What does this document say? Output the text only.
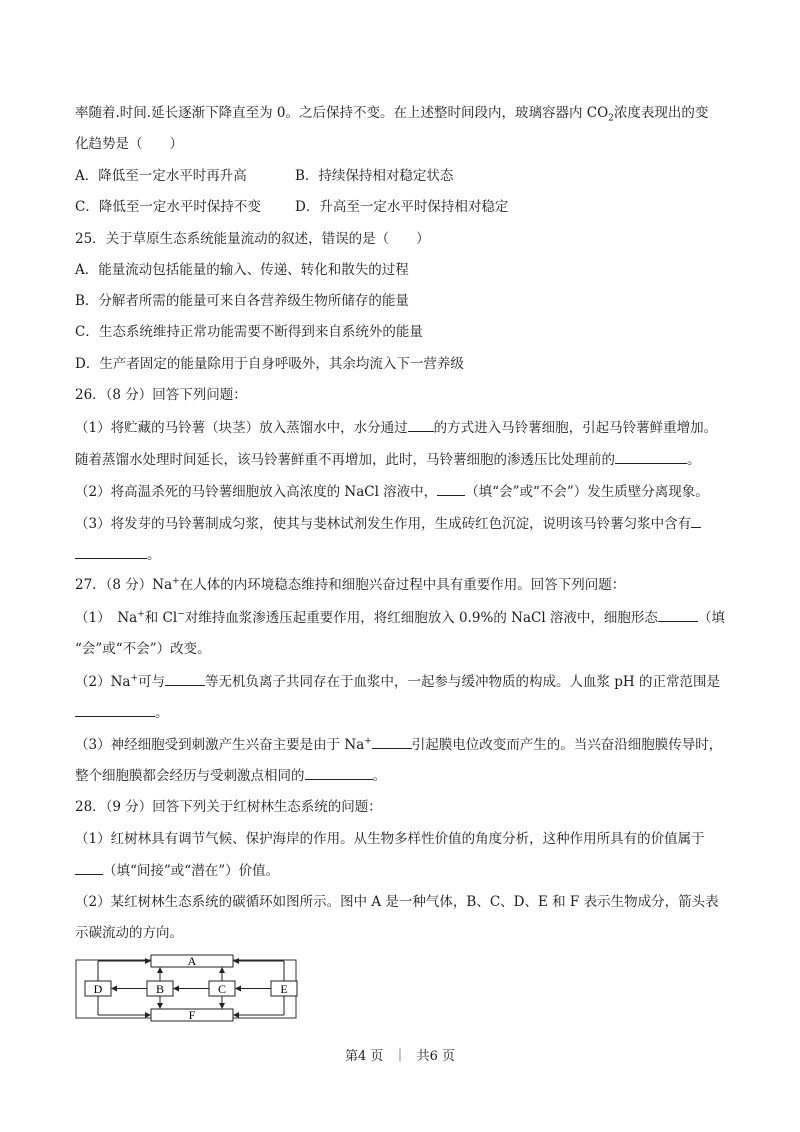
率随着.时间.延长逐渐下降直至为 0。之后保持不变。在上述整时间段内，玻璃容器内 $CO_2$浓度表现出的变
化趋势是（　　）
A．降低至一定水平时再升高	B．持续保持相对稳定状态
C．降低至一定水平时保持不变	D．升高至一定水平时保持相对稳定
25．关于草原生态系统能量流动的叙述，错误的是（　　）
A．能量流动包括能量的输入、传递、转化和散失的过程
B．分解者所需的能量可来自各营养级生物所储存的能量
C．生态系统维持正常功能需要不断得到来自系统外的能量
D．生产者固定的能量除用于自身呼吸外，其余均流入下一营养级
26．（8 分）回答下列问题：
（1）将贮藏的马铃薯（块茎）放入蒸馏水中，水分通过 的方式进入马铃薯细胞，引起马铃薯鲜重增加。
随着蒸馏水处理时间延长，该马铃薯鲜重不再增加，此时，马铃薯细胞的渗透压比处理前的	。
（2）将高温杀死的马铃薯细胞放入高浓度的 NaCl 溶液中， （填“会”或“不会”）发生质壁分离现象。
（3）将发芽的马铃薯制成匀浆，使其与斐林试剂发生作用，生成砖红色沉淀，说明该马铃薯匀浆中含有
。
27．（8 分）Na+在人体的内环境稳态维持和细胞兴奋过程中具有重要作用。回答下列问题：
（1）　Na+和 Cl−对维持血浆渗透压起重要作用，将红细胞放入 0.9%的 NaCl 溶液中，细胞形态	（填
“会”或“不会”）改变。
（2）Na+可与	等无机负离子共同存在于血浆中，一起参与缓冲物质的构成。人血浆 pH 的正常范围是
。
（3）神经细胞受到刺激产生兴奋主要是由于 Na+	引起膜电位改变而产生的。当兴奋沿细胞膜传导时，
整个细胞膜都会经历与受刺激点相同的	。
28．（9 分）回答下列关于红树林生态系统的问题：
（1）红树林具有调节气候、保护海岸的作用。从生物多样性价值的角度分析，这种作用所具有的价值属于
（填“间接”或“潜在”）价值。
（2）某红树林生态系统的碳循环如图所示。图中 A 是一种气体，B、C、D、E 和 F 表示生物成分，箭头表
示碳流动的方向。
A
D	B	C	E
F
第4 页 ｜ 共6 页
